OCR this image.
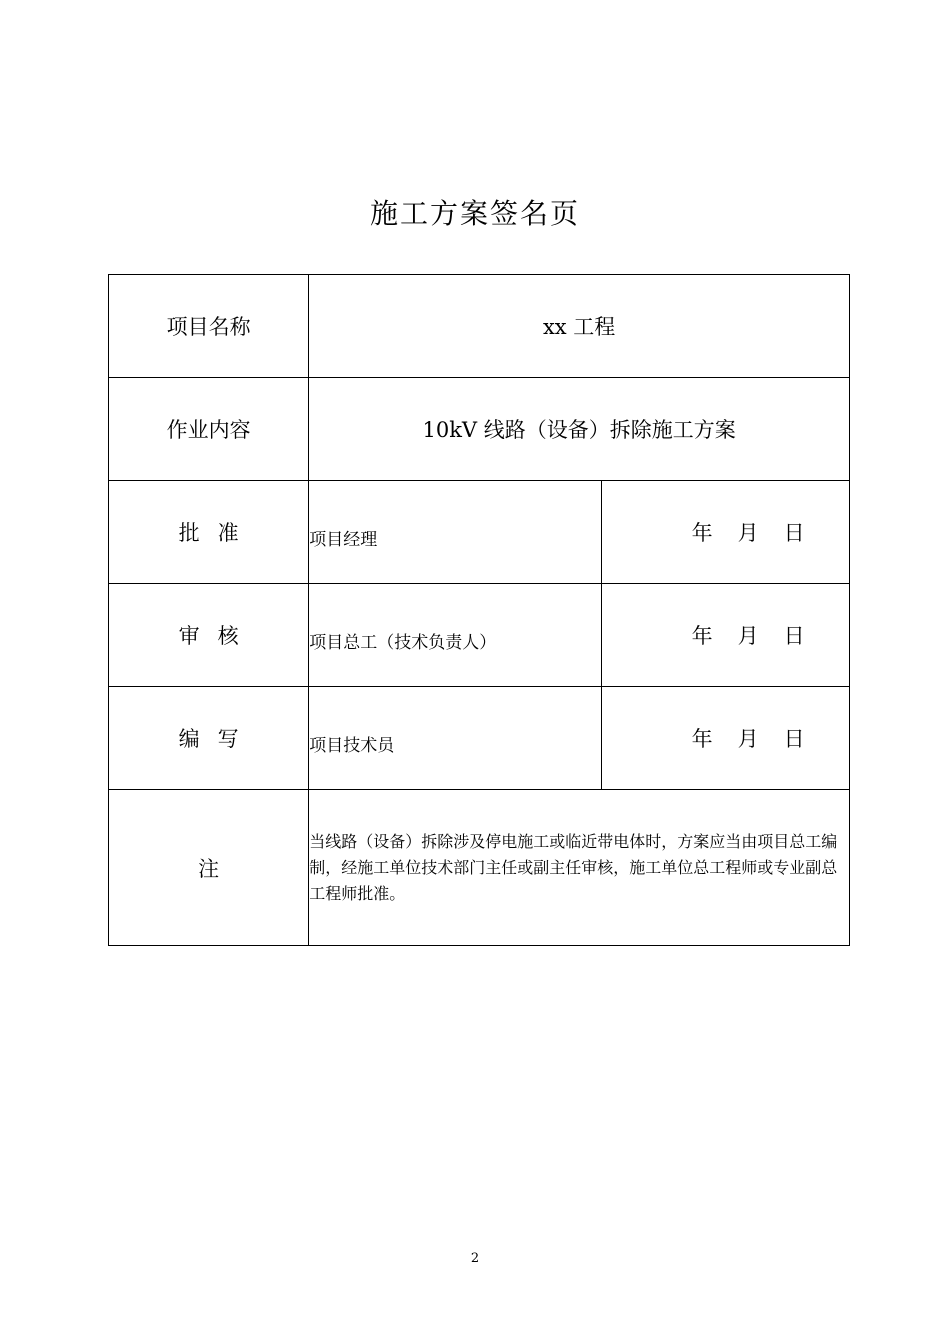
施工方案签名页
项目名称	xx 工程	
作业内容	10kV 线路（设备）拆除施工方案	
批准	项目经理	年 月 日
审核	项目总工（技术负责人）	年 月 日
编写	项目技术员	年 月 日
注	当线路（设备）拆除涉及停电施工或临近带电体时，方案应当由项目总工编制，经施工单位技术部门主任或副主任审核，施工单位总工程师或专业副总工程师批准。	
2
